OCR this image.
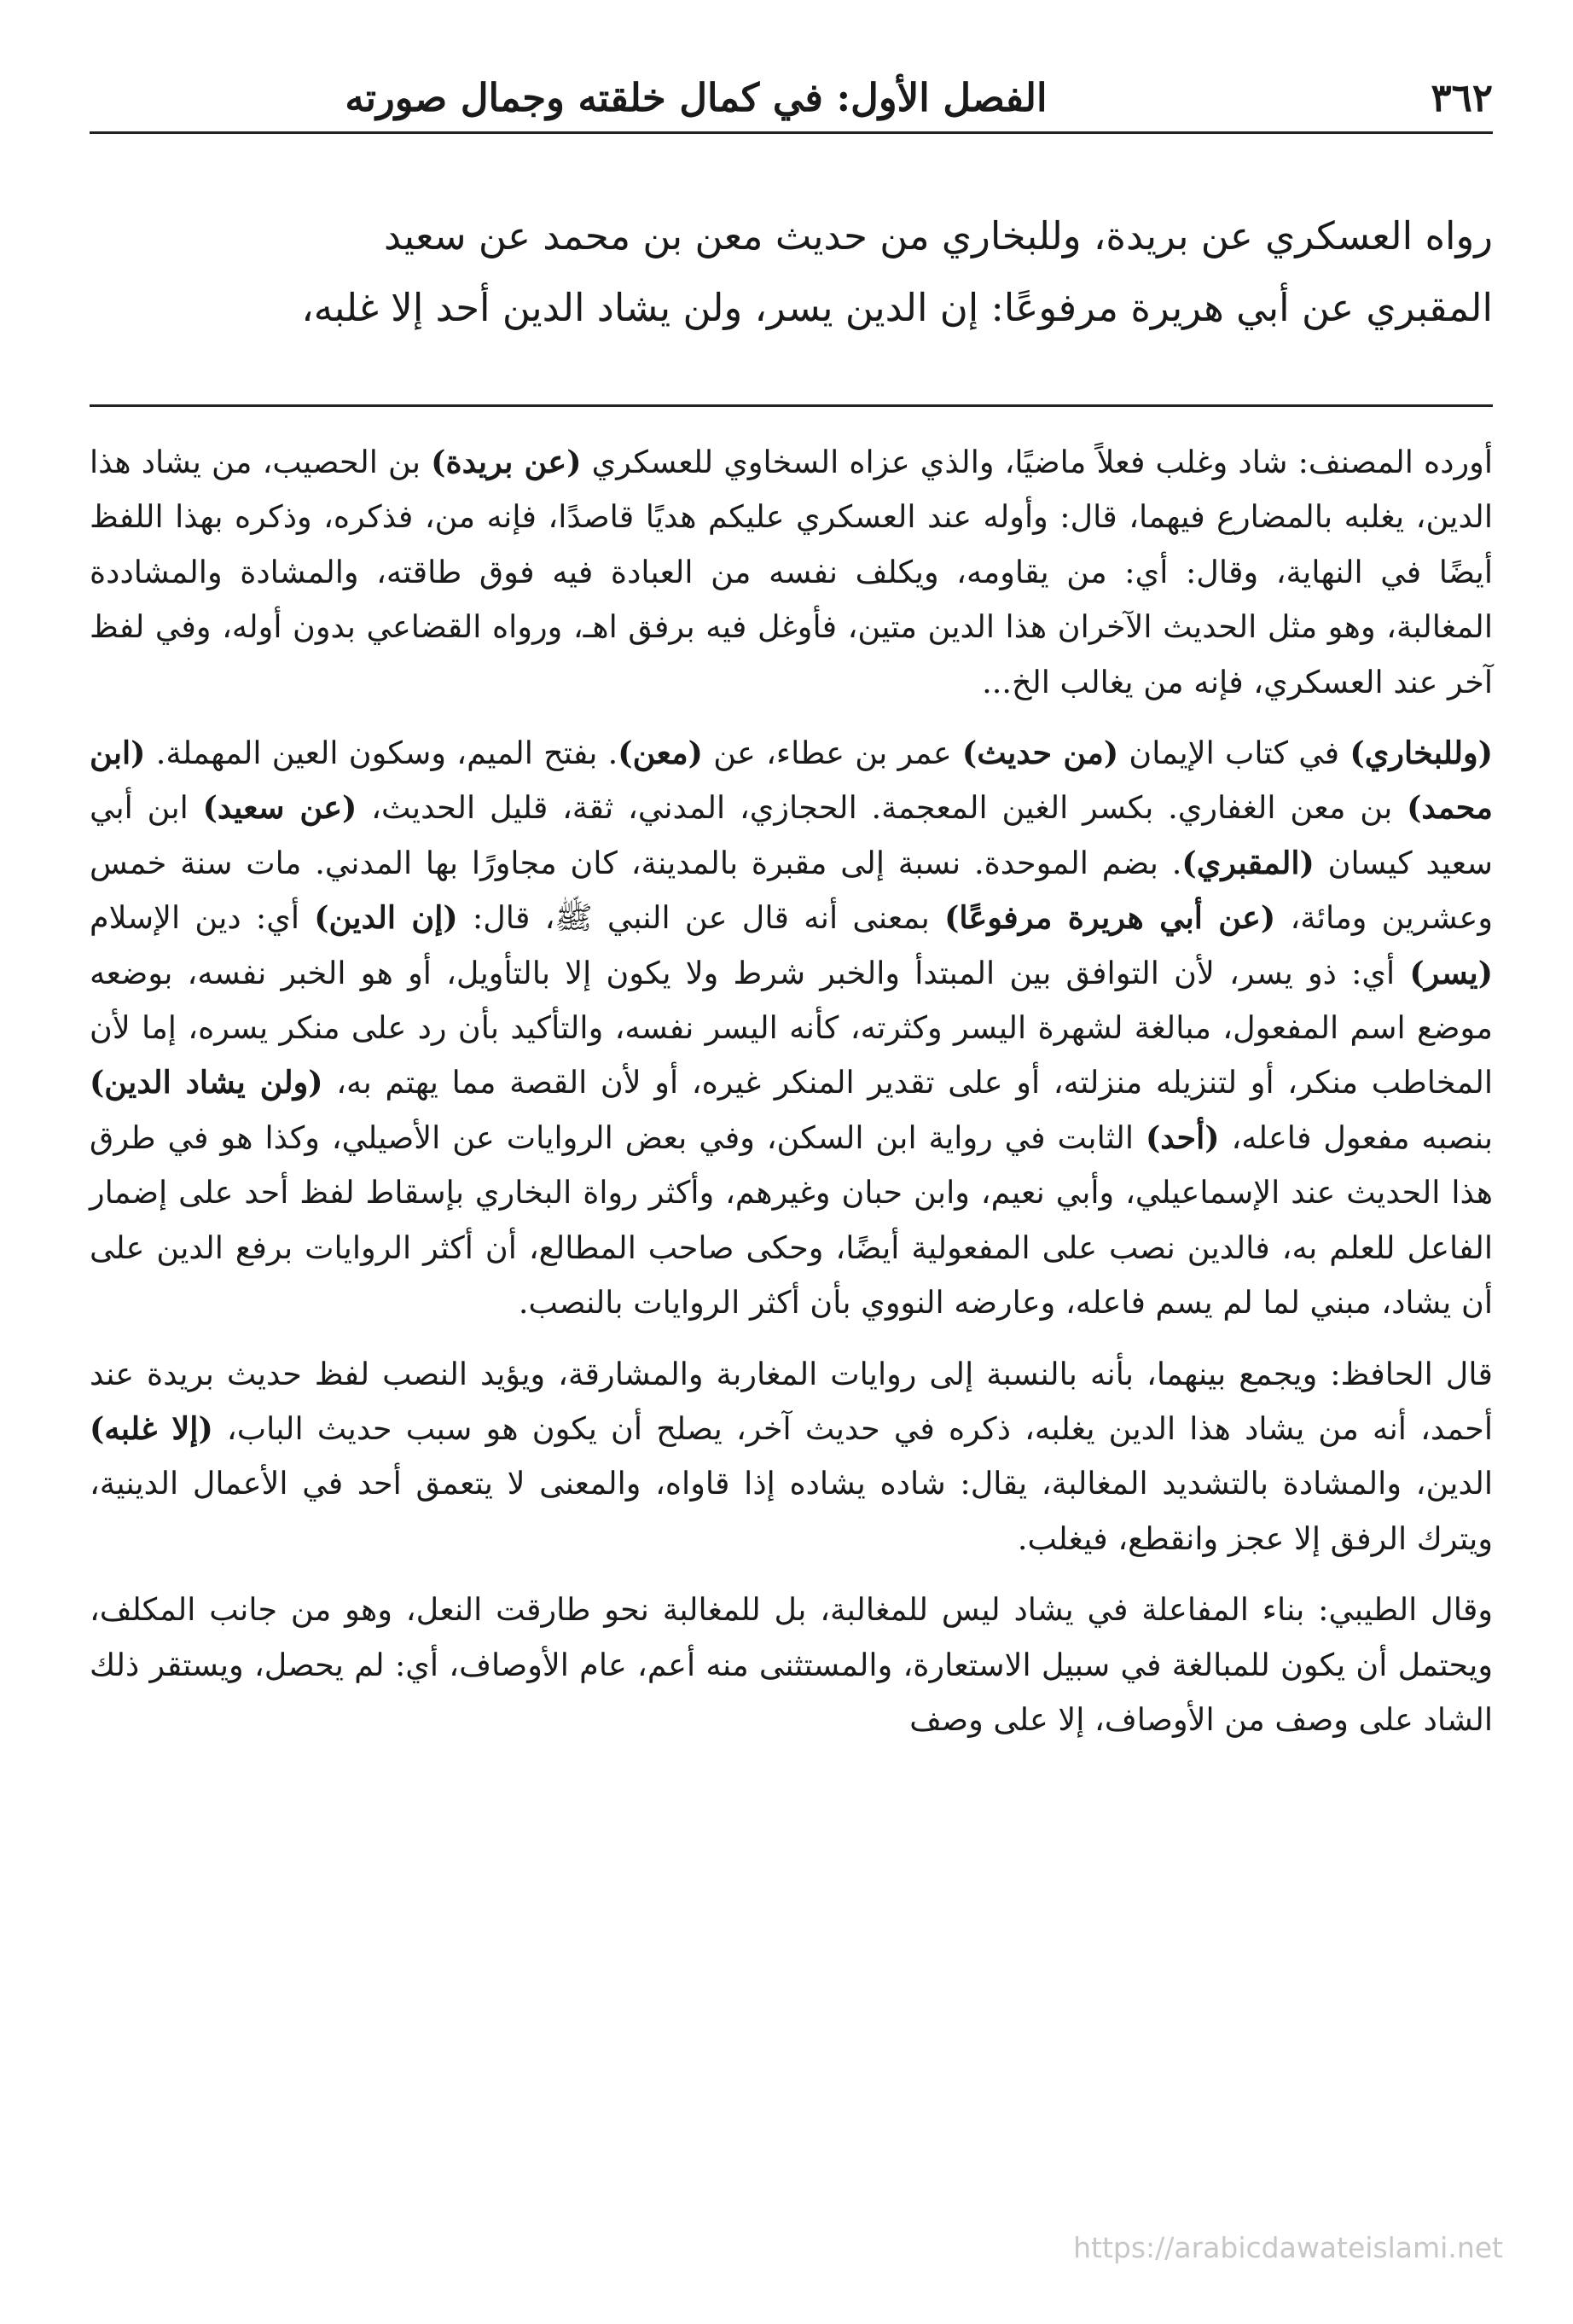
٣٦٢
الفصل الأول: في كمال خلقته وجمال صورته

رواه العسكري عن بريدة، وللبخاري من حديث معن بن محمد عن سعيد

المقبري عن أبي هريرة مرفوعًا: إن الدين يسر، ولن يشاد الدين أحد إلا غلبه،

أورده المصنف: شاد وغلب فعلاً ماضيًا، والذي عزاه السخاوي للعسكري (عن بريدة) بن الحصيب، من يشاد هذا الدين، يغلبه بالمضارع فيهما، قال: وأوله عند العسكري عليكم هديًا قاصدًا، فإنه من، فذكره، وذكره بهذا اللفظ أيضًا في النهاية، وقال: أي: من يقاومه، ويكلف نفسه من العبادة فيه فوق طاقته، والمشادة والمشاددة المغالبة، وهو مثل الحديث الآخران هذا الدين متين، فأوغل فيه برفق اهـ، ورواه القضاعي بدون أوله، وفي لفظ آخر عند العسكري، فإنه من يغالب الخ...

(وللبخاري) في كتاب الإيمان (من حديث) عمر بن عطاء، عن (معن). بفتح الميم، وسكون العين المهملة. (ابن محمد) بن معن الغفاري. بكسر الغين المعجمة. الحجازي، المدني، ثقة، قليل الحديث، (عن سعيد) ابن أبي سعيد كيسان (المقبري). بضم الموحدة. نسبة إلى مقبرة بالمدينة، كان مجاورًا بها المدني. مات سنة خمس وعشرين ومائة، (عن أبي هريرة مرفوعًا) بمعنى أنه قال عن النبي ﷺ، قال: (إن الدين) أي: دين الإسلام (يسر) أي: ذو يسر، لأن التوافق بين المبتدأ والخبر شرط ولا يكون إلا بالتأويل، أو هو الخبر نفسه، بوضعه موضع اسم المفعول، مبالغة لشهرة اليسر وكثرته، كأنه اليسر نفسه، والتأكيد بأن رد على منكر يسره، إما لأن المخاطب منكر، أو لتنزيله منزلته، أو على تقدير المنكر غيره، أو لأن القصة مما يهتم به، (ولن يشاد الدين) بنصبه مفعول فاعله، (أحد) الثابت في رواية ابن السكن، وفي بعض الروايات عن الأصيلي، وكذا هو في طرق هذا الحديث عند الإسماعيلي، وأبي نعيم، وابن حبان وغيرهم، وأكثر رواة البخاري بإسقاط لفظ أحد على إضمار الفاعل للعلم به، فالدين نصب على المفعولية أيضًا، وحكى صاحب المطالع، أن أكثر الروايات برفع الدين على أن يشاد، مبني لما لم يسم فاعله، وعارضه النووي بأن أكثر الروايات بالنصب.

قال الحافظ: ويجمع بينهما، بأنه بالنسبة إلى روايات المغاربة والمشارقة، ويؤيد النصب لفظ حديث بريدة عند أحمد، أنه من يشاد هذا الدين يغلبه، ذكره في حديث آخر، يصلح أن يكون هو سبب حديث الباب، (إلا غلبه) الدين، والمشادة بالتشديد المغالبة، يقال: شاده يشاده إذا قاواه، والمعنى لا يتعمق أحد في الأعمال الدينية، ويترك الرفق إلا عجز وانقطع، فيغلب.

وقال الطيبي: بناء المفاعلة في يشاد ليس للمغالبة، بل للمغالبة نحو طارقت النعل، وهو من جانب المكلف، ويحتمل أن يكون للمبالغة في سبيل الاستعارة، والمستثنى منه أعم، عام الأوصاف، أي: لم يحصل، ويستقر ذلك الشاد على وصف من الأوصاف، إلا على وصف

https://arabicdawateislami.net
